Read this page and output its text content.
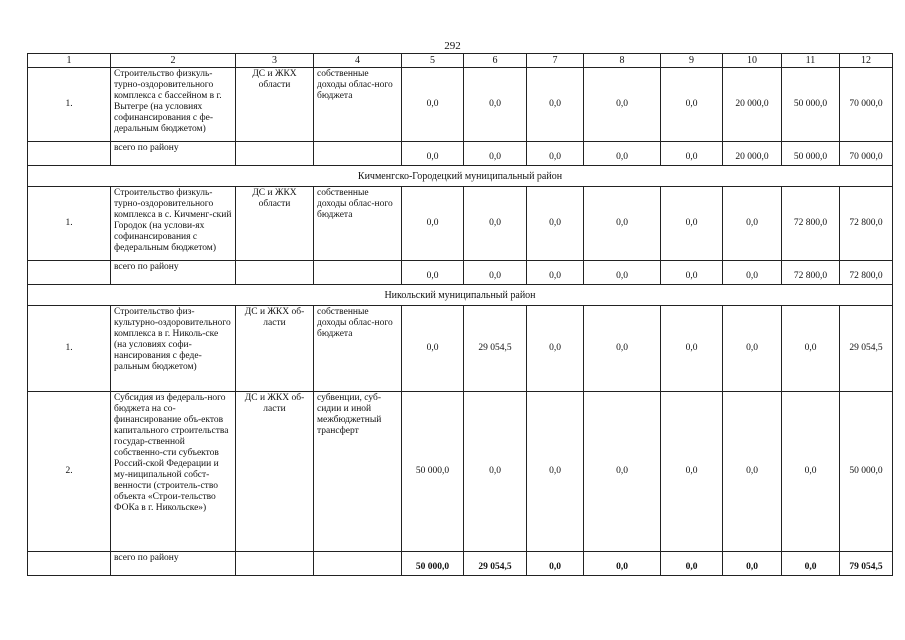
292
1	2	3	4	5	6	7	8	9	10	11	12
1.	Строительство физкуль-турно-оздоровительного комплекса с бассейном в г. Вытегре (на условиях софинансирования с фе-деральным бюджетом)	ДС и ЖКХ области	собственные доходы облас-ного бюджета	0,0	0,0	0,0	0,0	0,0	20 000,0	50 000,0	70 000,0
	всего по району			0,0	0,0	0,0	0,0	0,0	20 000,0	50 000,0	70 000,0
Кичменгско-Городецкий муниципальный район											
1.	Строительство физкуль-турно-оздоровительного комплекса в с. Кичменг-ский Городок (на услови-ях софинансирования с федеральным бюджетом)	ДС и ЖКХ области	собственные доходы облас-ного бюджета	0,0	0,0	0,0	0,0	0,0	0,0	72 800,0	72 800,0
	всего по району			0,0	0,0	0,0	0,0	0,0	0,0	72 800,0	72 800,0
Никольский муниципальный район											
1.	Строительство физ-культурно-оздоровительного комплекса в г. Николь-ске (на условиях софи-нансирования с феде-ральным бюджетом)	ДС и ЖКХ об-ласти	собственные доходы облас-ного бюджета	0,0	29 054,5	0,0	0,0	0,0	0,0	0,0	29 054,5
2.	Субсидия из федераль-ного бюджета на со-финансирование объ-ектов капитального строительства государ-ственной собственно-сти субъектов Россий-ской Федерации и му-ниципальной собст-венности (строитель-ство объекта «Строи-тельство ФОКа в г. Никольске»)	ДС и ЖКХ об-ласти	субвенции, суб-сидии и иной межбюджетный трансферт	50 000,0	0,0	0,0	0,0	0,0	0,0	0,0	50 000,0
	всего по району			50 000,0	29 054,5	0,0	0,0	0,0	0,0	0,0	79 054,5
